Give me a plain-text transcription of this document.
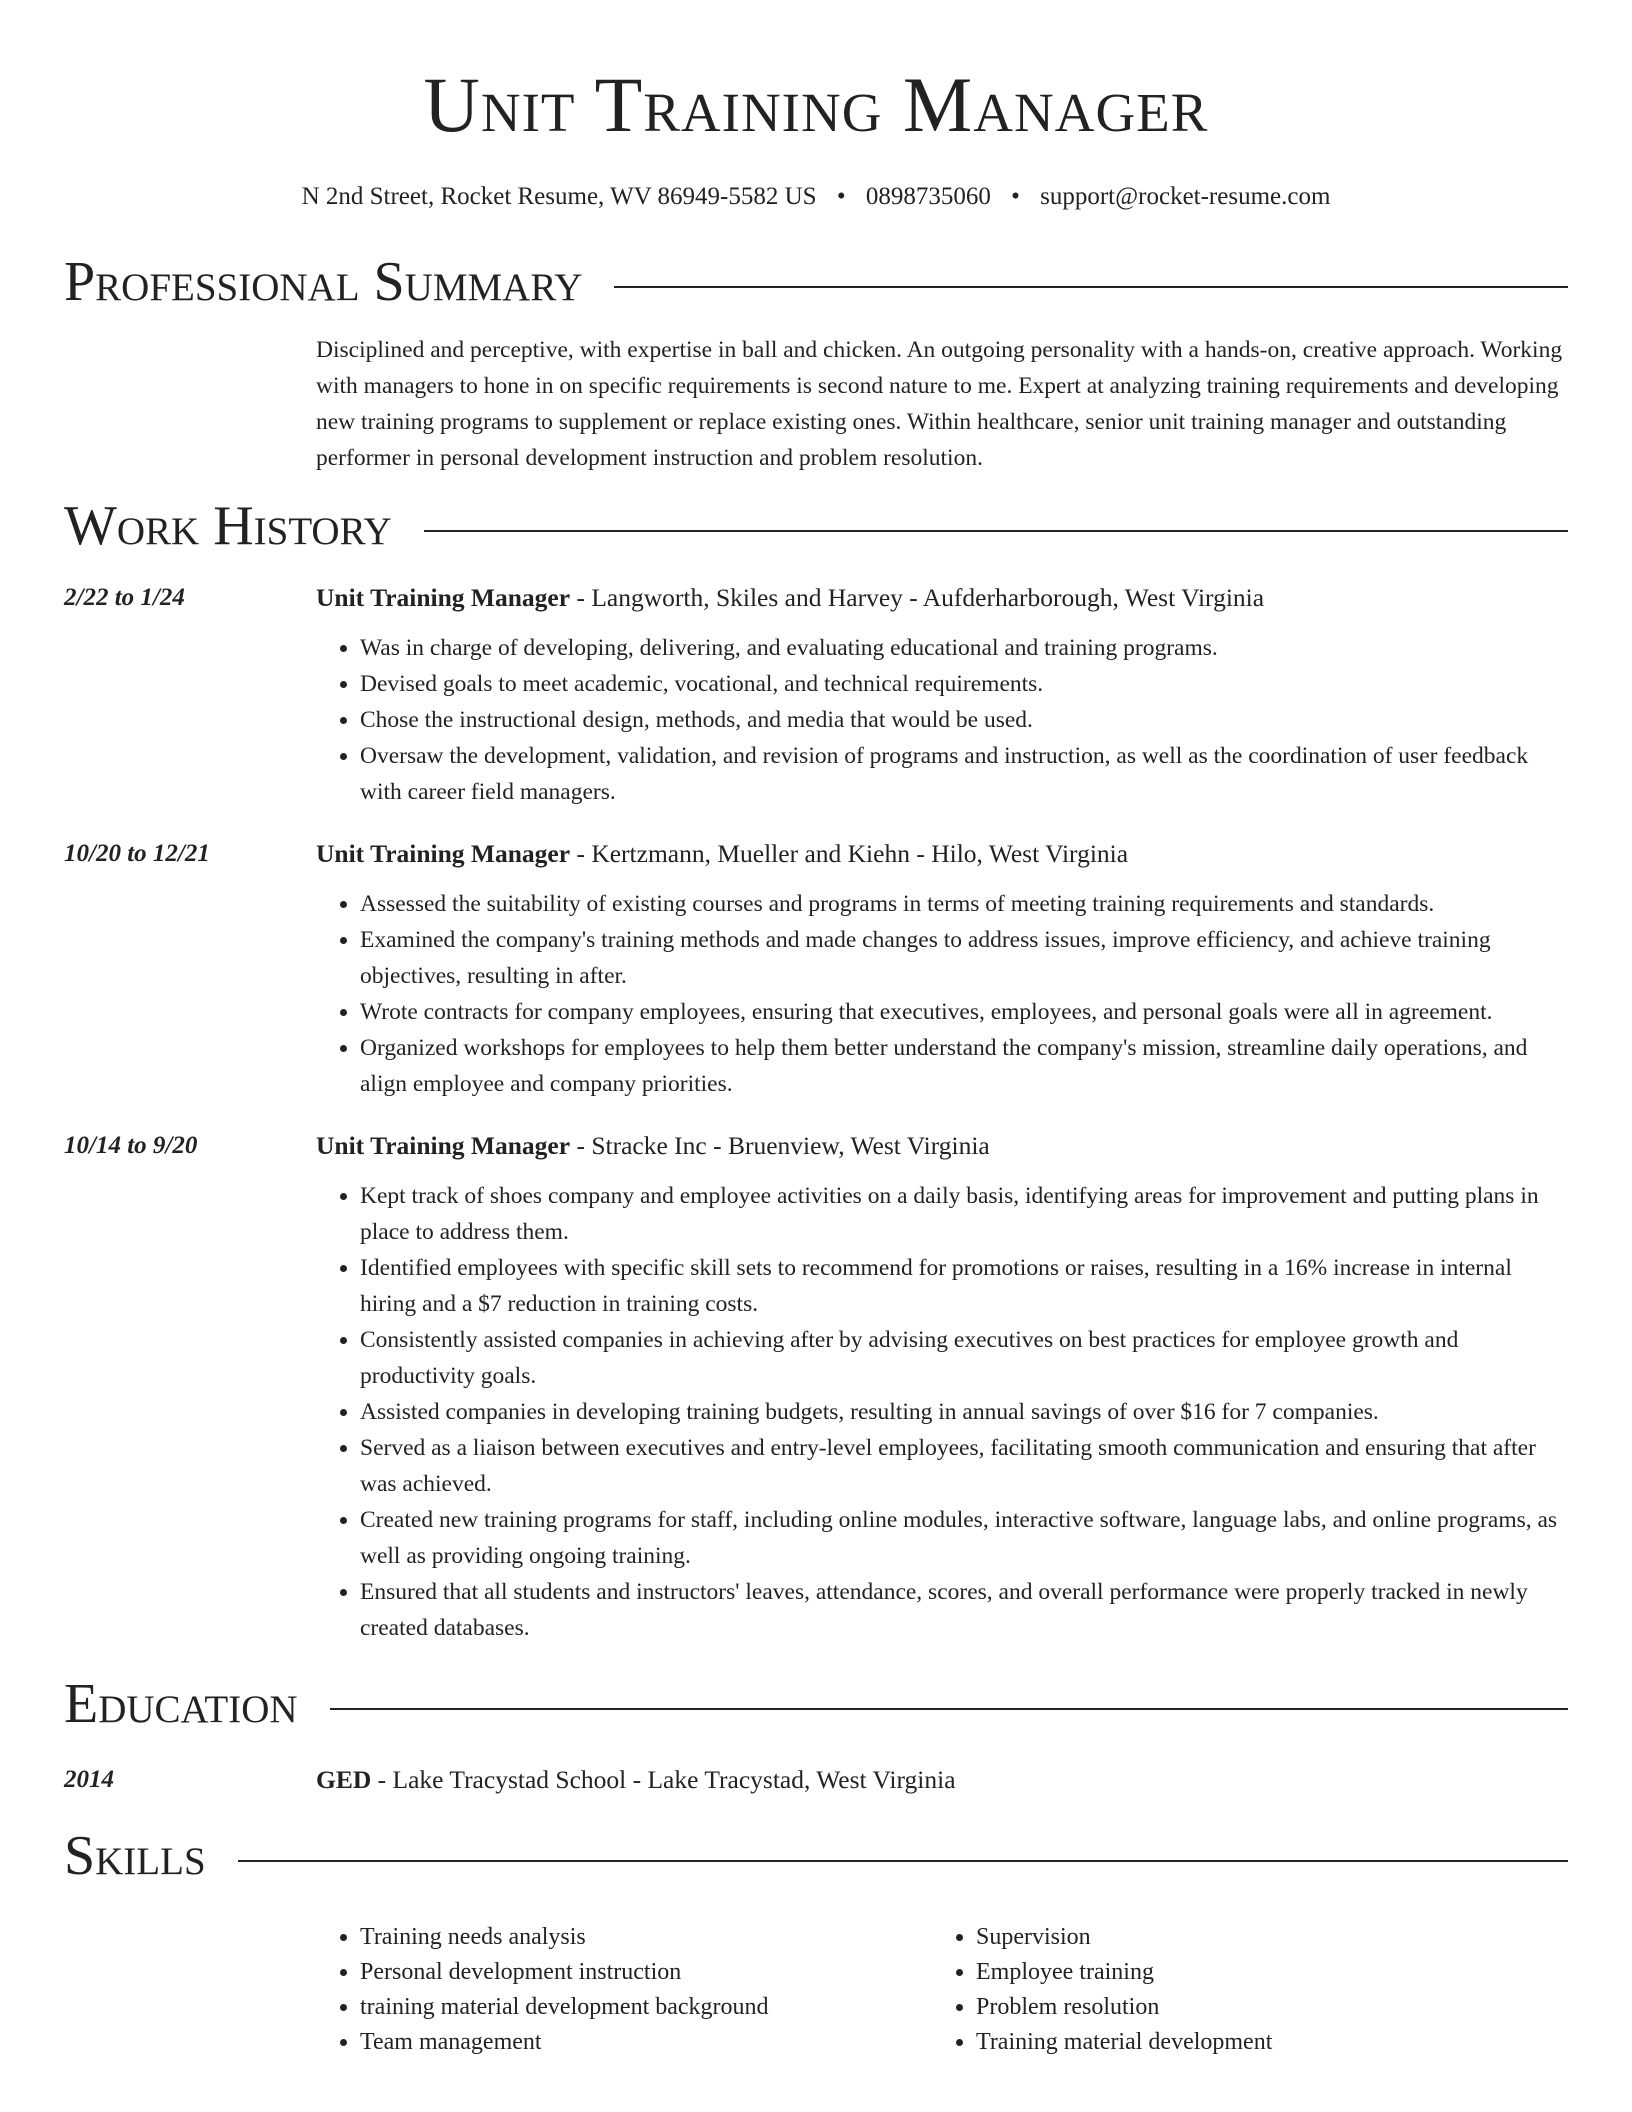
Unit Training Manager
N 2nd Street, Rocket Resume, WV 86949-5582 US • 0898735060 • support@rocket-resume.com
Professional Summary

Disciplined and perceptive, with expertise in ball and chicken. An outgoing personality with a hands-on, creative approach. Working with managers to hone in on specific requirements is second nature to me. Expert at analyzing training requirements and developing new training programs to supplement or replace existing ones. Within healthcare, senior unit training manager and outstanding performer in personal development instruction and problem resolution.

Work History
2/22 to 1/24	Unit Training Manager - Langworth, Skiles and Harvey - Aufderharborough, West Virginia
• Was in charge of developing, delivering, and evaluating educational and training programs.
• Devised goals to meet academic, vocational, and technical requirements.
• Chose the instructional design, methods, and media that would be used.
• Oversaw the development, validation, and revision of programs and instruction, as well as the coordination of user feedback with career field managers.
10/20 to 12/21	Unit Training Manager - Kertzmann, Mueller and Kiehn - Hilo, West Virginia
• Assessed the suitability of existing courses and programs in terms of meeting training requirements and standards.
• Examined the company's training methods and made changes to address issues, improve efficiency, and achieve training objectives, resulting in after.
• Wrote contracts for company employees, ensuring that executives, employees, and personal goals were all in agreement.
• Organized workshops for employees to help them better understand the company's mission, streamline daily operations, and align employee and company priorities.
10/14 to 9/20	Unit Training Manager - Stracke Inc - Bruenview, West Virginia
• Kept track of shoes company and employee activities on a daily basis, identifying areas for improvement and putting plans in place to address them.
• Identified employees with specific skill sets to recommend for promotions or raises, resulting in a 16% increase in internal hiring and a $7 reduction in training costs.
• Consistently assisted companies in achieving after by advising executives on best practices for employee growth and productivity goals.
• Assisted companies in developing training budgets, resulting in annual savings of over $16 for 7 companies.
• Served as a liaison between executives and entry-level employees, facilitating smooth communication and ensuring that after was achieved.
• Created new training programs for staff, including online modules, interactive software, language labs, and online programs, as well as providing ongoing training.
• Ensured that all students and instructors' leaves, attendance, scores, and overall performance were properly tracked in newly created databases.
Education
2014	GED - Lake Tracystad School - Lake Tracystad, West Virginia
Skills
• Training needs analysis
• Personal development instruction
• training material development background
• Team management
• Supervision
• Employee training
• Problem resolution
• Training material development
